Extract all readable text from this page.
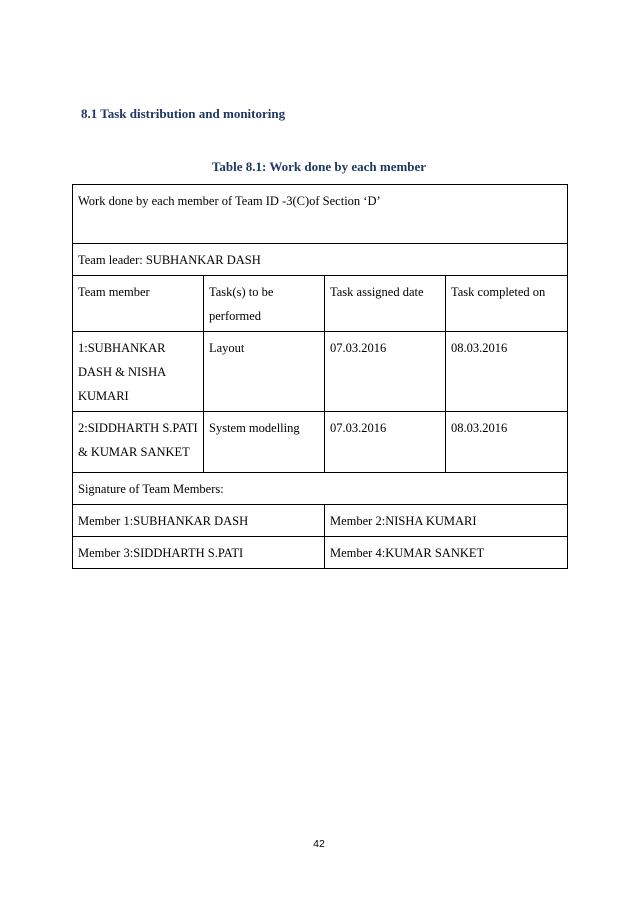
8.1 Task distribution and monitoring
Table 8.1: Work done by each member
Work done by each member of Team ID -3(C)of Section ‘D’			
Team leader: SUBHANKAR DASH			
Team member	Task(s) to be performed	Task assigned date	Task completed on
1:SUBHANKAR DASH & NISHA KUMARI	Layout	07.03.2016	08.03.2016
2:SIDDHARTH S.PATI & KUMAR SANKET	System modelling	07.03.2016	08.03.2016
Signature of Team Members:			
Member 1:SUBHANKAR DASH		Member 2:NISHA KUMARI	
Member 3:SIDDHARTH S.PATI		Member 4:KUMAR SANKET	
42
